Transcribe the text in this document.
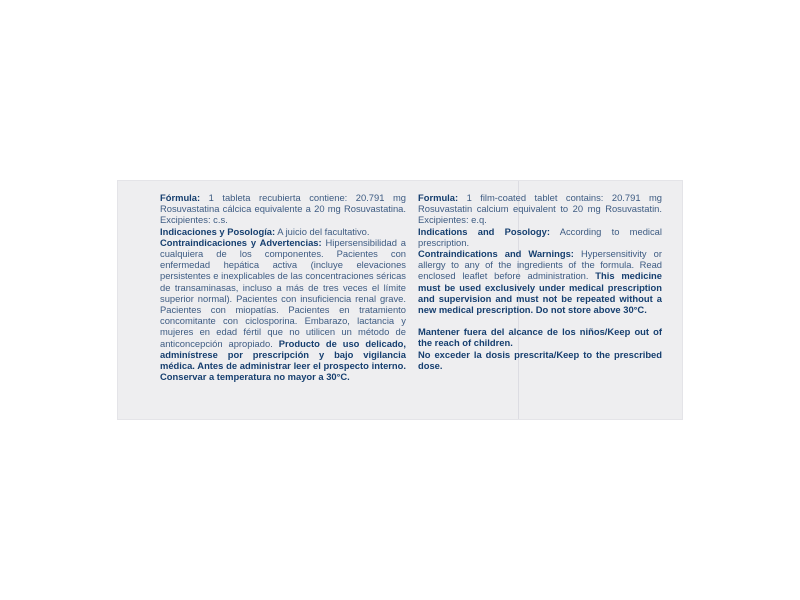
Fórmula: 1 tableta recubierta contiene: 20.791 mg Rosuvastatina cálcica equivalente a 20 mg Rosuvastatina. Excipientes: c.s.

Indicaciones y Posología: A juicio del facultativo.

Contraindicaciones y Advertencias: Hipersensibilidad a cualquiera de los componentes. Pacientes con enfermedad hepática activa (incluye elevaciones persistentes e inexplicables de las concentraciones séricas de transaminasas, incluso a más de tres veces el límite superior normal). Pacientes con insuficiencia renal grave. Pacientes con miopatías. Pacientes en tratamiento concomitante con ciclosporina. Embarazo, lactancia y mujeres en edad fértil que no utilicen un método de anticoncepción apropiado. Producto de uso delicado, adminístrese por prescripción y bajo vigilancia médica. Antes de administrar leer el prospecto interno. Conservar a temperatura no mayor a 30°C.

Formula: 1 film-coated tablet contains: 20.791 mg Rosuvastatin calcium equivalent to 20 mg Rosuvastatin. Excipientes: e.q.

Indications and Posology: According to medical prescription.

Contraindications and Warnings: Hypersensitivity or allergy to any of the ingredients of the formula. Read enclosed leaflet before administration. This medicine must be used exclusively under medical prescription and supervision and must not be repeated without a new medical prescription. Do not store above 30°C.

Mantener fuera del alcance de los niños/Keep out of the reach of children.

No exceder la dosis prescrita/Keep to the prescribed dose.
